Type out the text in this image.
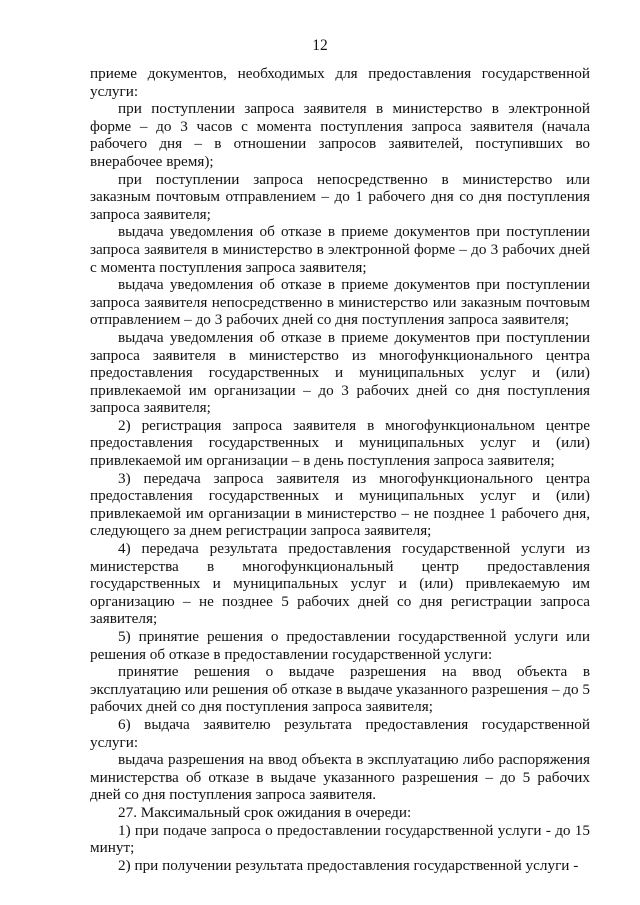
12

приеме документов, необходимых для предоставления государственной услуги:

при поступлении запроса заявителя в министерство в электронной форме – до 3 часов с момента поступления запроса заявителя (начала рабочего дня – в отношении запросов заявителей, поступивших во внерабочее время);

при поступлении запроса непосредственно в министерство или заказным почтовым отправлением – до 1 рабочего дня со дня поступления запроса заявителя;

выдача уведомления об отказе в приеме документов при поступлении запроса заявителя в министерство в электронной форме – до 3 рабочих дней с момента поступления запроса заявителя;

выдача уведомления об отказе в приеме документов при поступлении запроса заявителя непосредственно в министерство или заказным почтовым отправлением – до 3 рабочих дней со дня поступления запроса заявителя;

выдача уведомления об отказе в приеме документов при поступлении запроса заявителя в министерство из многофункционального центра предоставления государственных и муниципальных услуг и (или) привлекаемой им организации – до 3 рабочих дней со дня поступления запроса заявителя;

2) регистрация запроса заявителя в многофункциональном центре предоставления государственных и муниципальных услуг и (или) привлекаемой им организации – в день поступления запроса заявителя;

3) передача запроса заявителя из многофункционального центра предоставления государственных и муниципальных услуг и (или) привлекаемой им организации в министерство – не позднее 1 рабочего дня, следующего за днем регистрации запроса заявителя;

4) передача результата предоставления государственной услуги из министерства в многофункциональный центр предоставления государственных и муниципальных услуг и (или) привлекаемую им организацию – не позднее 5 рабочих дней со дня регистрации запроса заявителя;

5) принятие решения о предоставлении государственной услуги или решения об отказе в предоставлении государственной услуги:

принятие решения о выдаче разрешения на ввод объекта в эксплуатацию или решения об отказе в выдаче указанного разрешения – до 5 рабочих дней со дня поступления запроса заявителя;

6) выдача заявителю результата предоставления государственной услуги:

выдача разрешения на ввод объекта в эксплуатацию либо распоряжения министерства об отказе в выдаче указанного разрешения – до 5 рабочих дней со дня поступления запроса заявителя.

27. Максимальный срок ожидания в очереди:

1) при подаче запроса о предоставлении государственной услуги - до 15 минут;

2) при получении результата предоставления государственной услуги -
